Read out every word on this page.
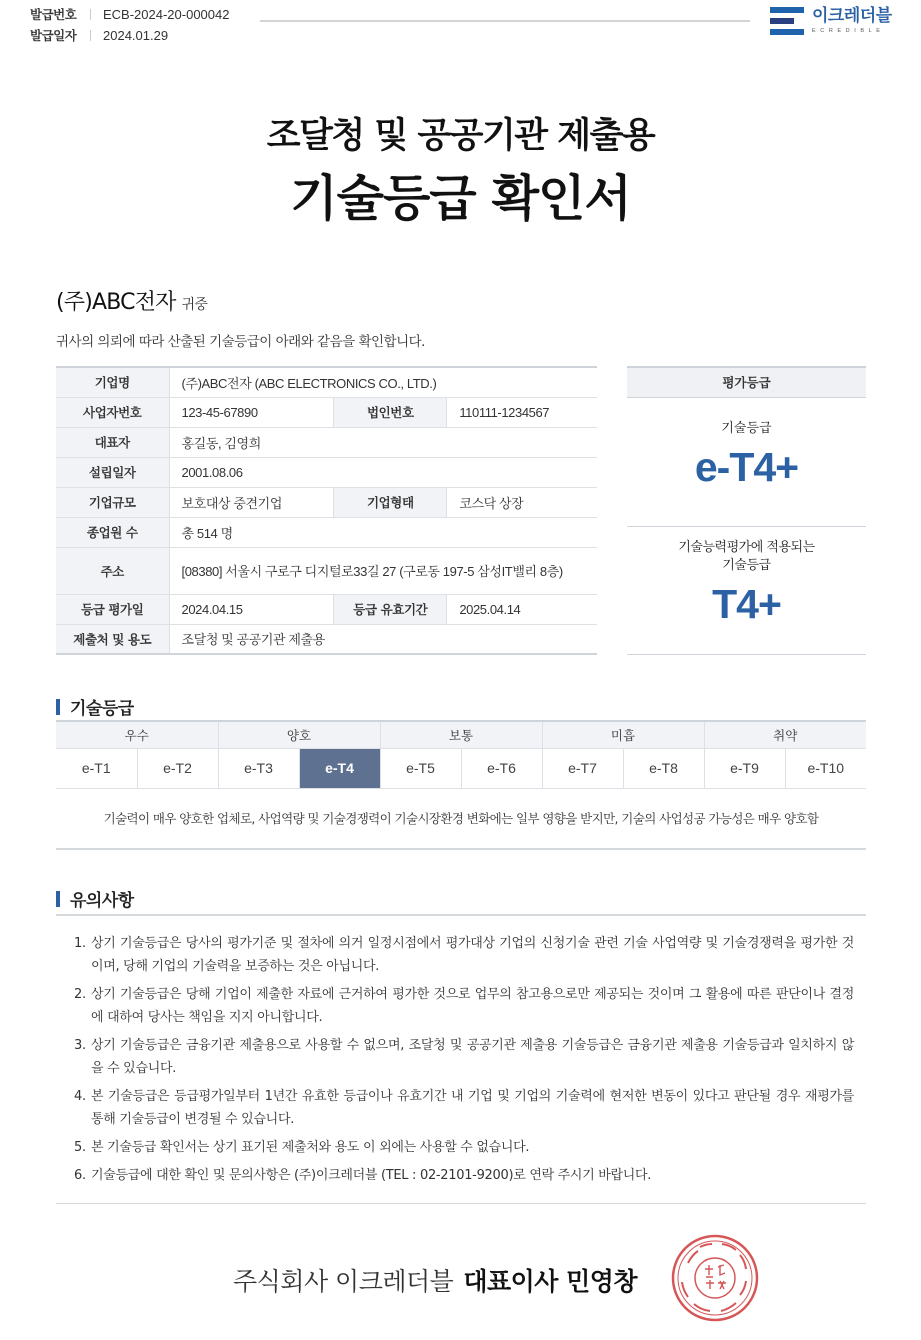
발급번호	ECB-2024-20-000042
발급일자	2024.01.29
이크레더블
ECREDIBLE
조달청 및 공공기관 제출용
기술등급 확인서
(주)ABC전자 귀중
귀사의 의뢰에 따라 산출된 기술등급이 아래와 같음을 확인합니다.
기업명	(주)ABC전자 (ABC ELECTRONICS CO., LTD.)		
사업자번호	123-45-67890	법인번호	110111-1234567
대표자	홍길동, 김영희		
설립일자	2001.08.06		
기업규모	보호대상 중견기업	기업형태	코스닥 상장
종업원 수	총 514 명		
주소	[08380] 서울시 구로구 디지털로33길 27 (구로동 197-5 삼성IT밸리 8층)		
등급 평가일	2024.04.15	등급 유효기간	2025.04.14
제출처 및 용도	조달청 및 공공기관 제출용		
평가등급
기술등급
e-T4+
기술능력평가에 적용되는
기술등급
T4+
기술등급
우수		양호		보통		미흡		취약	
e-T1	e-T2	e-T3	e-T4	e-T5	e-T6	e-T7	e-T8	e-T9	e-T10
기술력이 매우 양호한 업체로, 사업역량 및 기술경쟁력이 기술시장환경 변화에는 일부 영향을 받지만, 기술의 사업성공 가능성은 매우 양호함
유의사항
1. 상기 기술등급은 당사의 평가기준 및 절차에 의거 일정시점에서 평가대상 기업의 신청기술 관련 기술 사업역량 및 기술경쟁력을 평가한 것이며, 당해 기업의 기술력을 보증하는 것은 아닙니다.
2. 상기 기술등급은 당해 기업이 제출한 자료에 근거하여 평가한 것으로 업무의 참고용으로만 제공되는 것이며 그 활용에 따른 판단이나 결정에 대하여 당사는 책임을 지지 아니합니다.
3. 상기 기술등급은 금융기관 제출용으로 사용할 수 없으며, 조달청 및 공공기관 제출용 기술등급은 금융기관 제출용 기술등급과 일치하지 않을 수 있습니다.
4. 본 기술등급은 등급평가일부터 1년간 유효한 등급이나 유효기간 내 기업 및 기업의 기술력에 현저한 변동이 있다고 판단될 경우 재평가를 통해 기술등급이 변경될 수 있습니다.
5. 본 기술등급 확인서는 상기 표기된 제출처와 용도 이 외에는 사용할 수 없습니다.
6. 기술등급에 대한 확인 및 문의사항은 (주)이크레더블 (TEL : 02-2101-9200)로 연락 주시기 바랍니다.
주식회사 이크레더블 대표이사 민영창
